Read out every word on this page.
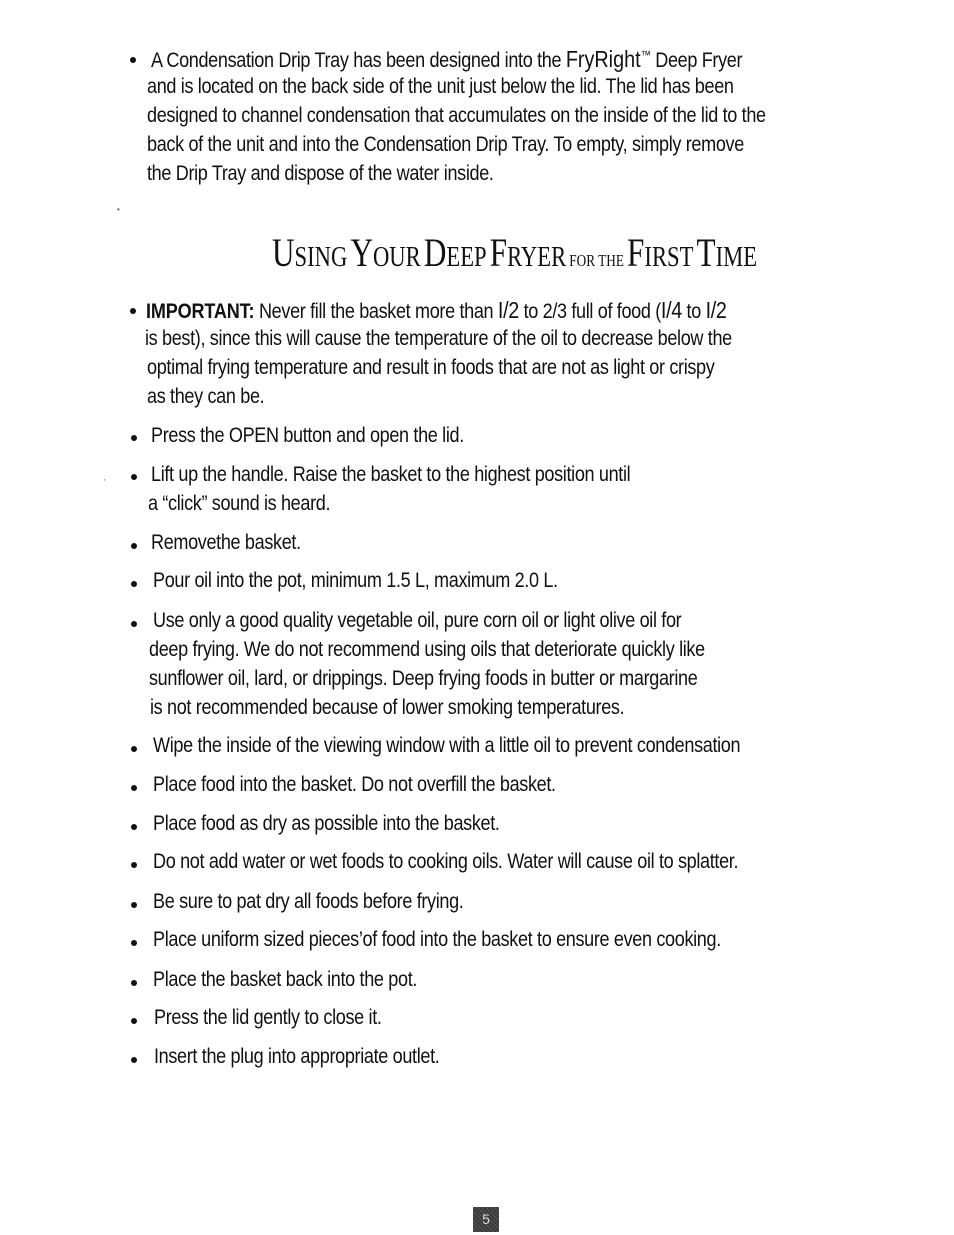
A Condensation Drip Tray has been designed into the FryRight™ Deep Fryer
and is located on the back side of the unit just below the lid. The lid has been
designed to channel condensation that accumulates on the inside of the lid to the
back of the unit and into the Condensation Drip Tray. To empty, simply remove
the Drip Tray and dispose of the water inside.
•
USING YOUR DEEP FRYER FOR THE FIRST TIME
IMPORTANT: Never fill the basket more than I/2 to 2/3 full of food (I/4 to I/2
is best), since this will cause the temperature of the oil to decrease below the
optimal frying temperature and result in foods that are not as light or crispy
as they can be.
Press the OPEN button and open the lid.
' Lift up the handle. Raise the basket to the highest position until
a “click” sound is heard.
Removethe basket.
Pour oil into the pot, minimum 1.5 L, maximum 2.0 L.
Use only a good quality vegetable oil, pure corn oil or light olive oil for
deep frying. We do not recommend using oils that deteriorate quickly like
sunflower oil, lard, or drippings. Deep frying foods in butter or margarine
is not recommended because of lower smoking temperatures.
Wipe the inside of the viewing window with a little oil to prevent condensation
Place food into the basket. Do not overfill the basket.
Place food as dry as possible into the basket.
Do not add water or wet foods to cooking oils. Water will cause oil to splatter.
Be sure to pat dry all foods before frying.
Place uniform sized pieces’of food into the basket to ensure even cooking.
Place the basket back into the pot.
Press the lid gently to close it.
Insert the plug into appropriate outlet.
5
